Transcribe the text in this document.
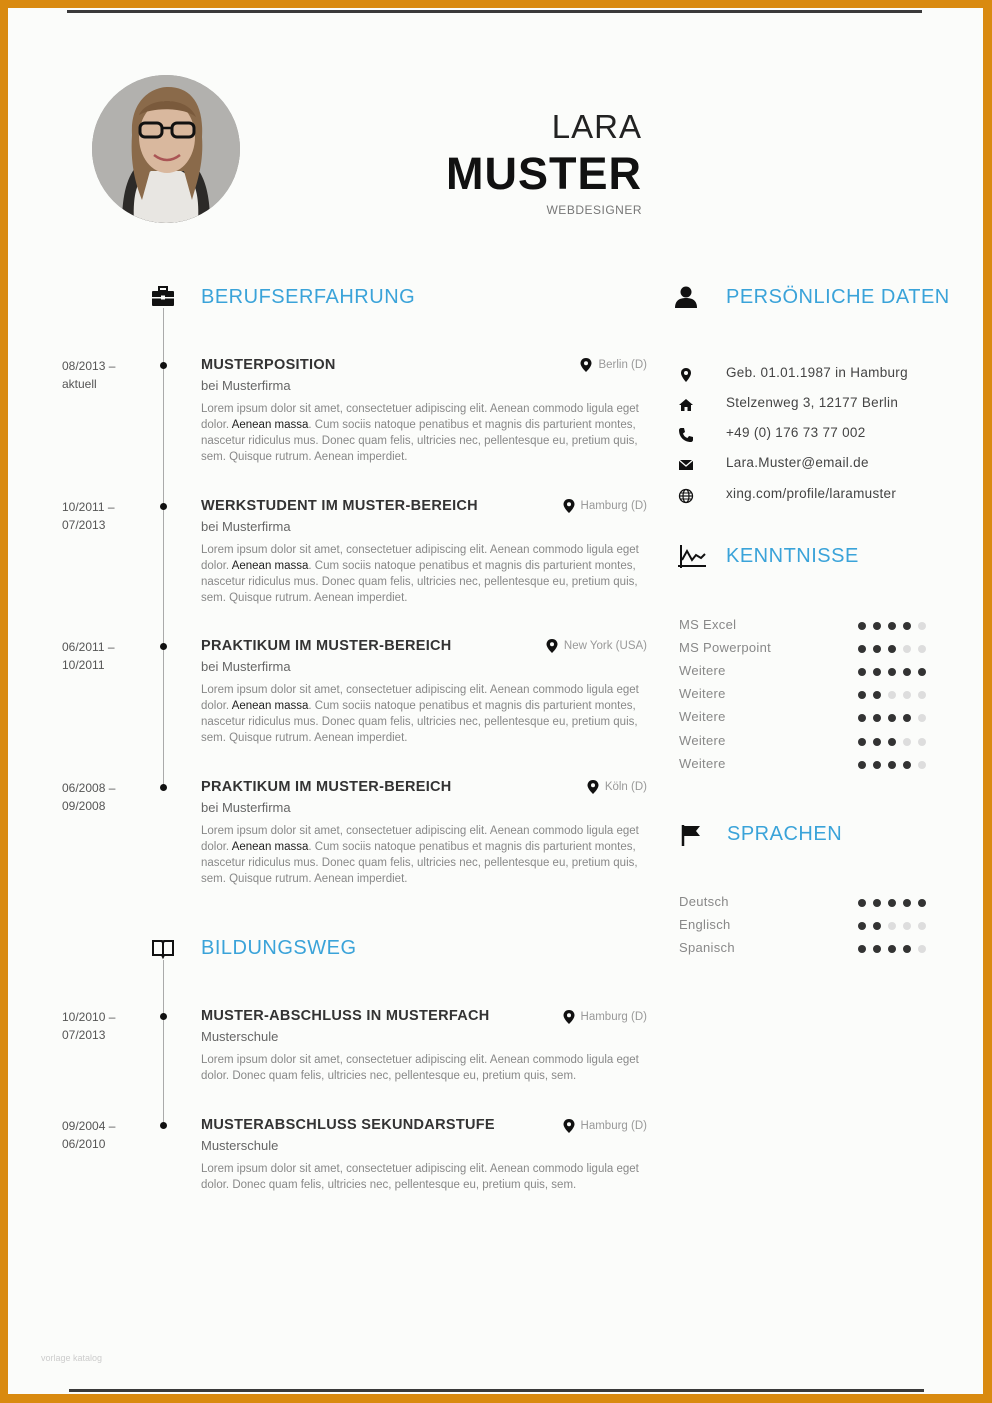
LARA
MUSTER
WEBDESIGNER
BERUFSERFAHRUNG
08/2013 –
aktuell
MUSTERPOSITION
bei Musterfirma
Berlin (D)
Lorem ipsum dolor sit amet, consectetuer adipiscing elit. Aenean commodo ligula eget dolor. Aenean massa. Cum sociis natoque penatibus et magnis dis parturient montes, nascetur ridiculus mus. Donec quam felis, ultricies nec, pellentesque eu, pretium quis, sem. Quisque rutrum. Aenean imperdiet.
10/2011 –
07/2013
WERKSTUDENT IM MUSTER-BEREICH
bei Musterfirma
Hamburg (D)
Lorem ipsum dolor sit amet, consectetuer adipiscing elit. Aenean commodo ligula eget dolor. Aenean massa. Cum sociis natoque penatibus et magnis dis parturient montes, nascetur ridiculus mus. Donec quam felis, ultricies nec, pellentesque eu, pretium quis, sem. Quisque rutrum. Aenean imperdiet.
06/2011 –
10/2011
PRAKTIKUM IM MUSTER-BEREICH
bei Musterfirma
New York (USA)
Lorem ipsum dolor sit amet, consectetuer adipiscing elit. Aenean commodo ligula eget dolor. Aenean massa. Cum sociis natoque penatibus et magnis dis parturient montes, nascetur ridiculus mus. Donec quam felis, ultricies nec, pellentesque eu, pretium quis, sem. Quisque rutrum. Aenean imperdiet.
06/2008 –
09/2008
PRAKTIKUM IM MUSTER-BEREICH
bei Musterfirma
Köln (D)
Lorem ipsum dolor sit amet, consectetuer adipiscing elit. Aenean commodo ligula eget dolor. Aenean massa. Cum sociis natoque penatibus et magnis dis parturient montes, nascetur ridiculus mus. Donec quam felis, ultricies nec, pellentesque eu, pretium quis, sem. Quisque rutrum. Aenean imperdiet.
BILDUNGSWEG
10/2010 –
07/2013
MUSTER-ABSCHLUSS IN MUSTERFACH
Musterschule
Hamburg (D)
Lorem ipsum dolor sit amet, consectetuer adipiscing elit. Aenean commodo ligula eget dolor. Donec quam felis, ultricies nec, pellentesque eu, pretium quis, sem.
09/2004 –
06/2010
MUSTERABSCHLUSS SEKUNDARSTUFE
Musterschule
Hamburg (D)
Lorem ipsum dolor sit amet, consectetuer adipiscing elit. Aenean commodo ligula eget dolor. Donec quam felis, ultricies nec, pellentesque eu, pretium quis, sem.
PERSÖNLICHE DATEN
Geb. 01.01.1987 in Hamburg
Stelzenweg 3, 12177 Berlin
+49 (0) 176 73 77 002
Lara.Muster@email.de
xing.com/profile/laramuster
KENNTNISSE
MS Excel
MS Powerpoint
Weitere
Weitere
Weitere
Weitere
Weitere
SPRACHEN
Deutsch
Englisch
Spanisch
vorlage katalog
